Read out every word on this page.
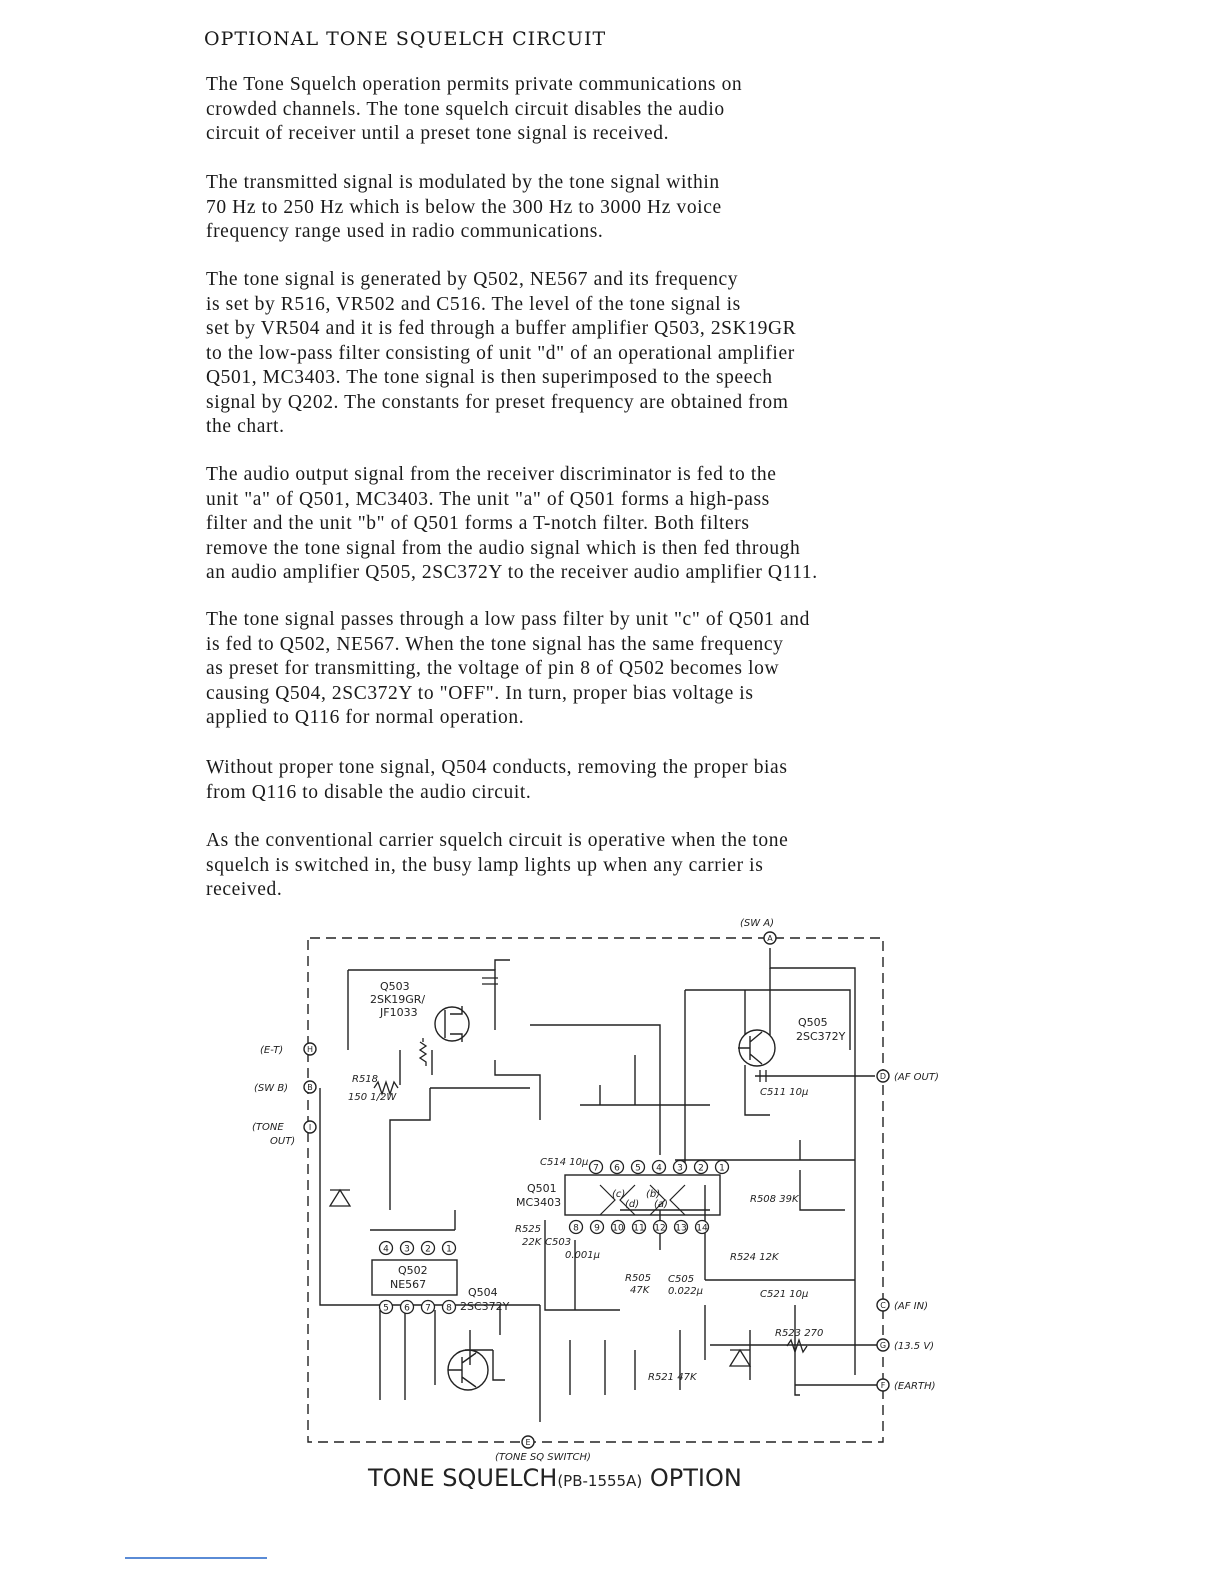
OPTIONAL TONE SQUELCH CIRCUIT

The Tone Squelch operation permits private communications on
crowded channels. The tone squelch circuit disables the audio
circuit of receiver until a preset tone signal is received.

The transmitted signal is modulated by the tone signal within
70 Hz to 250 Hz which is below the 300 Hz to 3000 Hz voice
frequency range used in radio communications.

The tone signal is generated by Q502, NE567 and its frequency
is set by R516, VR502 and C516. The level of the tone signal is
set by VR504 and it is fed through a buffer amplifier Q503, 2SK19GR
to the low-pass filter consisting of unit "d" of an operational amplifier
Q501, MC3403. The tone signal is then superimposed to the speech
signal by Q202. The constants for preset frequency are obtained from
the chart.

The audio output signal from the receiver discriminator is fed to the
unit "a" of Q501, MC3403. The unit "a" of Q501 forms a high-pass
filter and the unit "b" of Q501 forms a T-notch filter. Both filters
remove the tone signal from the audio signal which is then fed through
an audio amplifier Q505, 2SC372Y to the receiver audio amplifier Q111.

The tone signal passes through a low pass filter by unit "c" of Q501 and
is fed to Q502, NE567. When the tone signal has the same frequency
as preset for transmitting, the voltage of pin 8 of Q502 becomes low
causing Q504, 2SC372Y to "OFF". In turn, proper bias voltage is
applied to Q116 for normal operation.

Without proper tone signal, Q504 conducts, removing the proper bias
from Q116 to disable the audio circuit.

As the conventional carrier squelch circuit is operative when the tone
squelch is switched in, the busy lamp lights up when any carrier is
received.

A
H
B
I
D
C
G
F
E
(SW A)
(E-T)
(SW B)
(TONE
OUT)
(AF OUT)
(AF IN)
(13.5 V)
(EARTH)
(TONE SQ SWITCH)
Q503
2SK19GR/
JF1033
Q505
2SC372Y
Q501
MC3403
(c)
(d)
(b)
(a)
7 6 5 4 3 2 1
8 9 10 11 12 13 14
Q502
NE567
4 3 2 1
5 6 7 8
Q504
2SC372Y
R518
150 1/2W
C514 10μ
C511 10μ
R525
22K C503
0.001μ	R524 12K
R508 39K
R505
47K
C505
0.022μ	C521 10μ
R523 270
R521 47K
TONE SQUELCH(PB-1555A) OPTION
